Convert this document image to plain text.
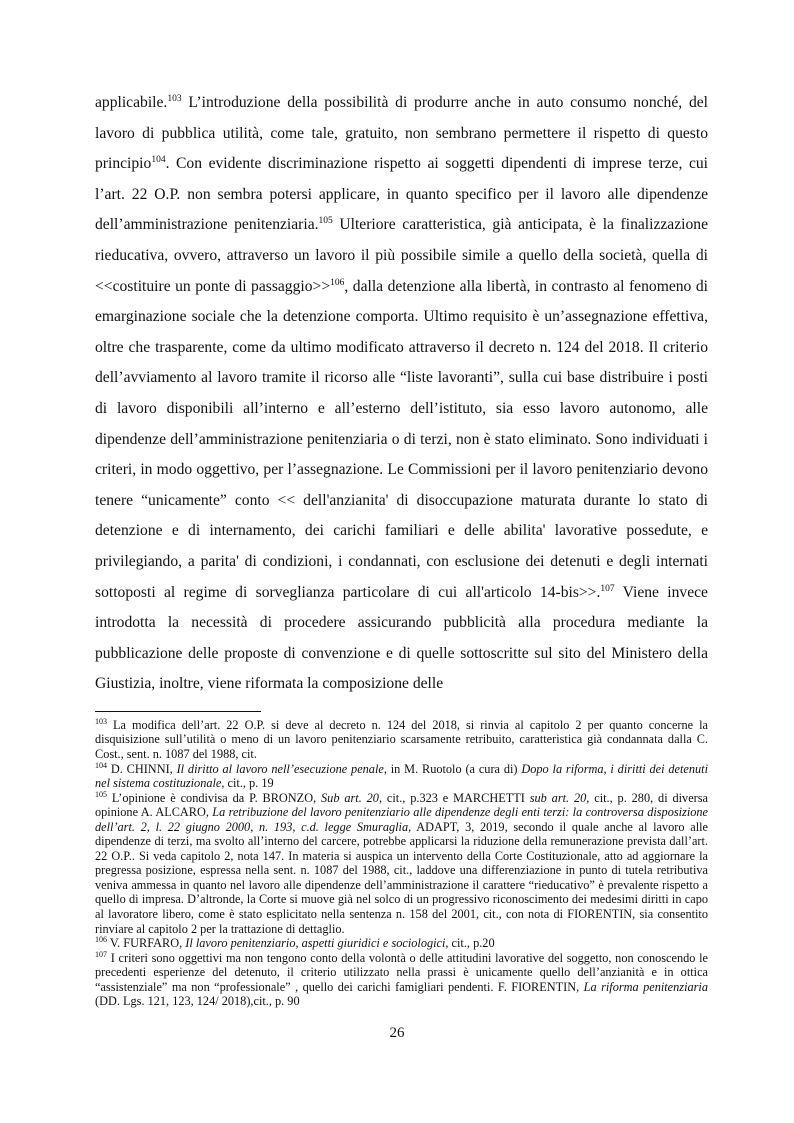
applicabile.$^{103}$ L’introduzione della possibilità di produrre anche in auto consumo nonché, del lavoro di pubblica utilità, come tale, gratuito, non sembrano permettere il rispetto di questo principio$^{104}$. Con evidente discriminazione rispetto ai soggetti dipendenti di imprese terze, cui l’art. 22 O.P. non sembra potersi applicare, in quanto specifico per il lavoro alle dipendenze dell’amministrazione penitenziaria.$^{105}$ Ulteriore caratteristica, già anticipata, è la finalizzazione rieducativa, ovvero, attraverso un lavoro il più possibile simile a quello della società, quella di <<costituire un ponte di passaggio>>$^{106}$, dalla detenzione alla libertà, in contrasto al fenomeno di emarginazione sociale che la detenzione comporta. Ultimo requisito è un’assegnazione effettiva, oltre che trasparente, come da ultimo modificato attraverso il decreto n. 124 del 2018. Il criterio dell’avviamento al lavoro tramite il ricorso alle “liste lavoranti”, sulla cui base distribuire i posti di lavoro disponibili all’interno e all’esterno dell’istituto, sia esso lavoro autonomo, alle dipendenze dell’amministrazione penitenziaria o di terzi, non è stato eliminato. Sono individuati i criteri, in modo oggettivo, per l’assegnazione. Le Commissioni per il lavoro penitenziario devono tenere “unicamente” conto << dell'anzianita' di disoccupazione maturata durante lo stato di detenzione e di internamento, dei carichi familiari e delle abilita' lavorative possedute, e privilegiando, a parita' di condizioni, i condannati, con esclusione dei detenuti e degli internati sottoposti al regime di sorveglianza particolare di cui all'articolo 14-bis>>.$^{107}$ Viene invece introdotta la necessità di procedere assicurando pubblicità alla procedura mediante la pubblicazione delle proposte di convenzione e di quelle sottoscritte sul sito del Ministero della Giustizia, inoltre, viene riformata la composizione delle

$^{103}$ La modifica dell’art. 22 O.P. si deve al decreto n. 124 del 2018, si rinvia al capitolo 2 per quanto concerne la disquisizione sull’utilità o meno di un lavoro penitenziario scarsamente retribuito, caratteristica già condannata dalla C. Cost., sent. n. 1087 del 1988, cit.

$^{104}$ D. CHINNI, Il diritto al lavoro nell’esecuzione penale, in M. Ruotolo (a cura di) Dopo la riforma, i diritti dei detenuti nel sistema costituzionale, cit., p. 19

$^{105}$ L’opinione è condivisa da P. BRONZO, Sub art. 20, cit., p.323 e MARCHETTI sub art. 20, cit., p. 280, di diversa opinione A. ALCARO, La retribuzione del lavoro penitenziario alle dipendenze degli enti terzi: la controversa disposizione dell’art. 2, l. 22 giugno 2000, n. 193, c.d. legge Smuraglia, ADAPT, 3, 2019, secondo il quale anche al lavoro alle dipendenze di terzi, ma svolto all’interno del carcere, potrebbe applicarsi la riduzione della remunerazione prevista dall’art. 22 O.P.. Si veda capitolo 2, nota 147. In materia si auspica un intervento della Corte Costituzionale, atto ad aggiornare la pregressa posizione, espressa nella sent. n. 1087 del 1988, cit., laddove una differenziazione in punto di tutela retributiva veniva ammessa in quanto nel lavoro alle dipendenze dell’amministrazione il carattere “rieducativo” è prevalente rispetto a quello di impresa. D’altronde, la Corte si muove già nel solco di un progressivo riconoscimento dei medesimi diritti in capo al lavoratore libero, come è stato esplicitato nella sentenza n. 158 del 2001, cit., con nota di FIORENTIN, sia consentito rinviare al capitolo 2 per la trattazione di dettaglio.

$^{106}$ V. FURFARO, Il lavoro penitenziario, aspetti giuridici e sociologici, cit., p.20

$^{107}$ I criteri sono oggettivi ma non tengono conto della volontà o delle attitudini lavorative del soggetto, non conoscendo le precedenti esperienze del detenuto, il criterio utilizzato nella prassi è unicamente quello dell’anzianità e in ottica “assistenziale” ma non “professionale” , quello dei carichi famigliari pendenti. F. FIORENTIN, La riforma penitenziaria (DD. Lgs. 121, 123, 124/ 2018),cit., p. 90

26
